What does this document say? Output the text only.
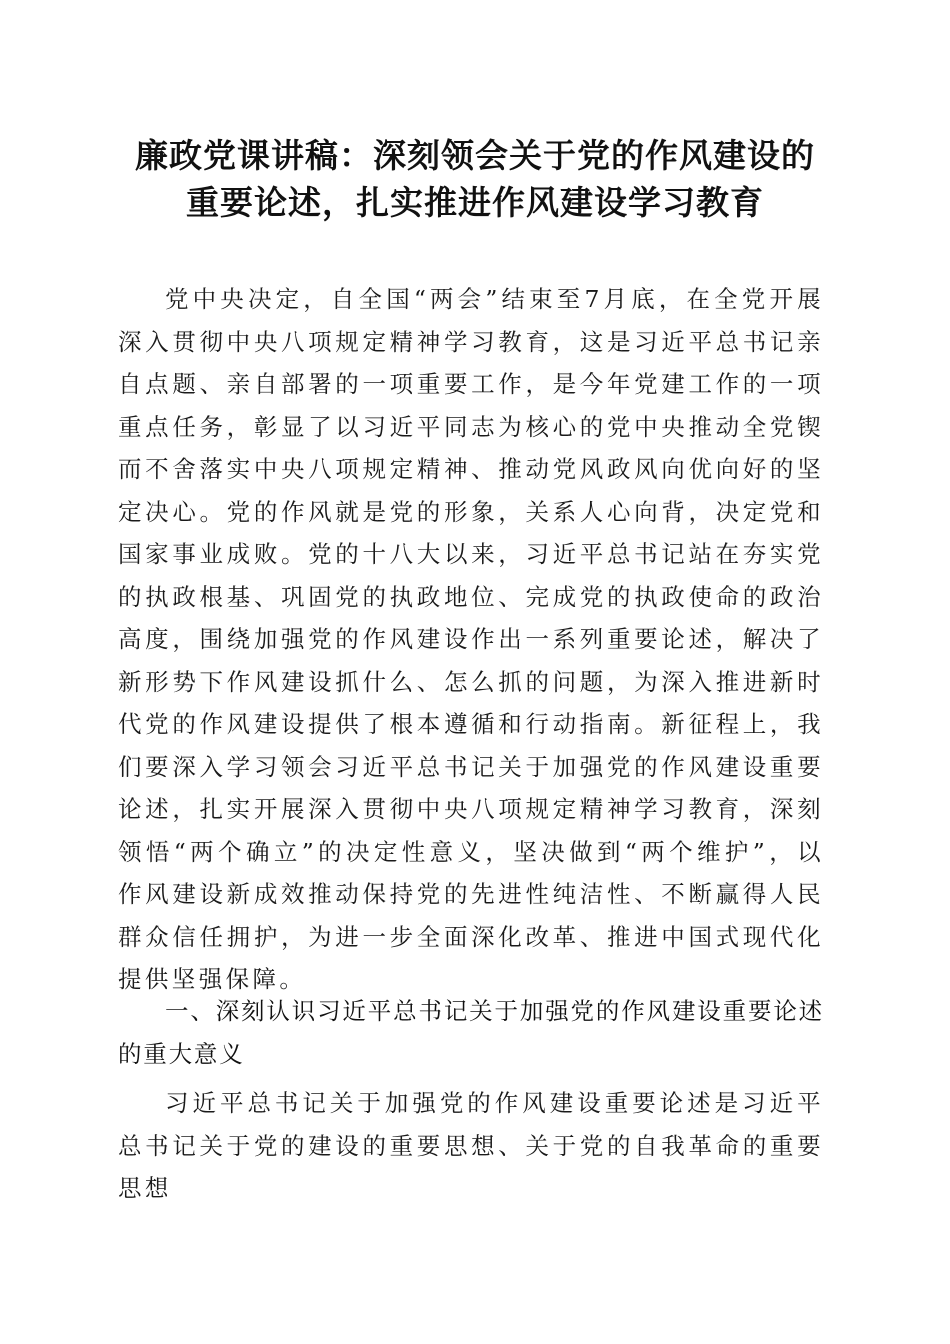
廉政党课讲稿：深刻领会关于党的作风建设的
重要论述，扎实推进作风建设学习教育

党中央决定，自全国“两会”结束至7月底，在全党开展深入贯彻中央八项规定精神学习教育，这是习近平总书记亲自点题、亲自部署的一项重要工作，是今年党建工作的一项重点任务，彰显了以习近平同志为核心的党中央推动全党锲而不舍落实中央八项规定精神、推动党风政风向优向好的坚定决心。党的作风就是党的形象，关系人心向背，决定党和国家事业成败。党的十八大以来，习近平总书记站在夯实党的执政根基、巩固党的执政地位、完成党的执政使命的政治高度，围绕加强党的作风建设作出一系列重要论述，解决了新形势下作风建设抓什么、怎么抓的问题，为深入推进新时代党的作风建设提供了根本遵循和行动指南。新征程上，我们要深入学习领会习近平总书记关于加强党的作风建设重要论述，扎实开展深入贯彻中央八项规定精神学习教育，深刻领悟“两个确立”的决定性意义，坚决做到“两个维护”，以作风建设新成效推动保持党的先进性纯洁性、不断赢得人民群众信任拥护，为进一步全面深化改革、推进中国式现代化提供坚强保障。

一、深刻认识习近平总书记关于加强党的作风建设重要论述的重大意义

习近平总书记关于加强党的作风建设重要论述是习近平总书记关于党的建设的重要思想、关于党的自我革命的重要思想
